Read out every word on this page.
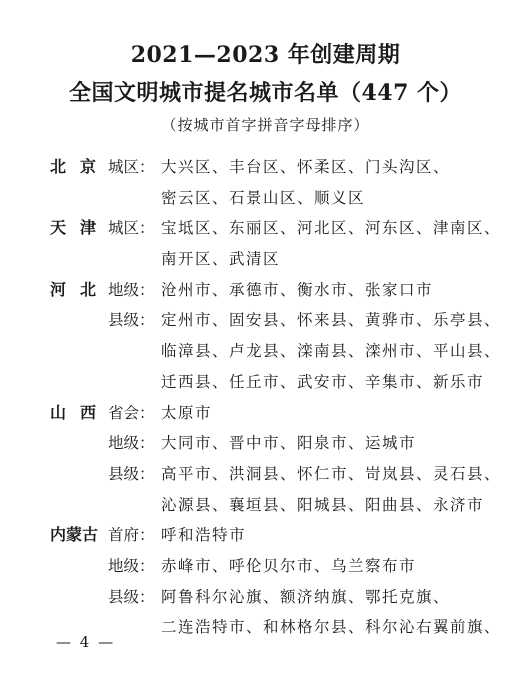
2021—2023 年创建周期
全国文明城市提名城市名单（447 个）
（按城市首字拼音字母排序）
北京
城区： 大兴区、丰台区、怀柔区、门头沟区、
密云区、石景山区、顺义区
天津
城区： 宝坻区、东丽区、河北区、河东区、津南区、
南开区、武清区
河北
地级： 沧州市、承德市、衡水市、张家口市
县级： 定州市、固安县、怀来县、黄骅市、乐亭县、
临漳县、卢龙县、滦南县、滦州市、平山县、
迁西县、任丘市、武安市、辛集市、新乐市
山西
省会： 太原市
地级： 大同市、晋中市、阳泉市、运城市
县级： 高平市、洪洞县、怀仁市、岢岚县、灵石县、
沁源县、襄垣县、阳城县、阳曲县、永济市
内蒙古 首府： 呼和浩特市
地级： 赤峰市、呼伦贝尔市、乌兰察布市
县级： 阿鲁科尔沁旗、额济纳旗、鄂托克旗、
二连浩特市、和林格尔县、科尔沁右翼前旗、
— 4 —
